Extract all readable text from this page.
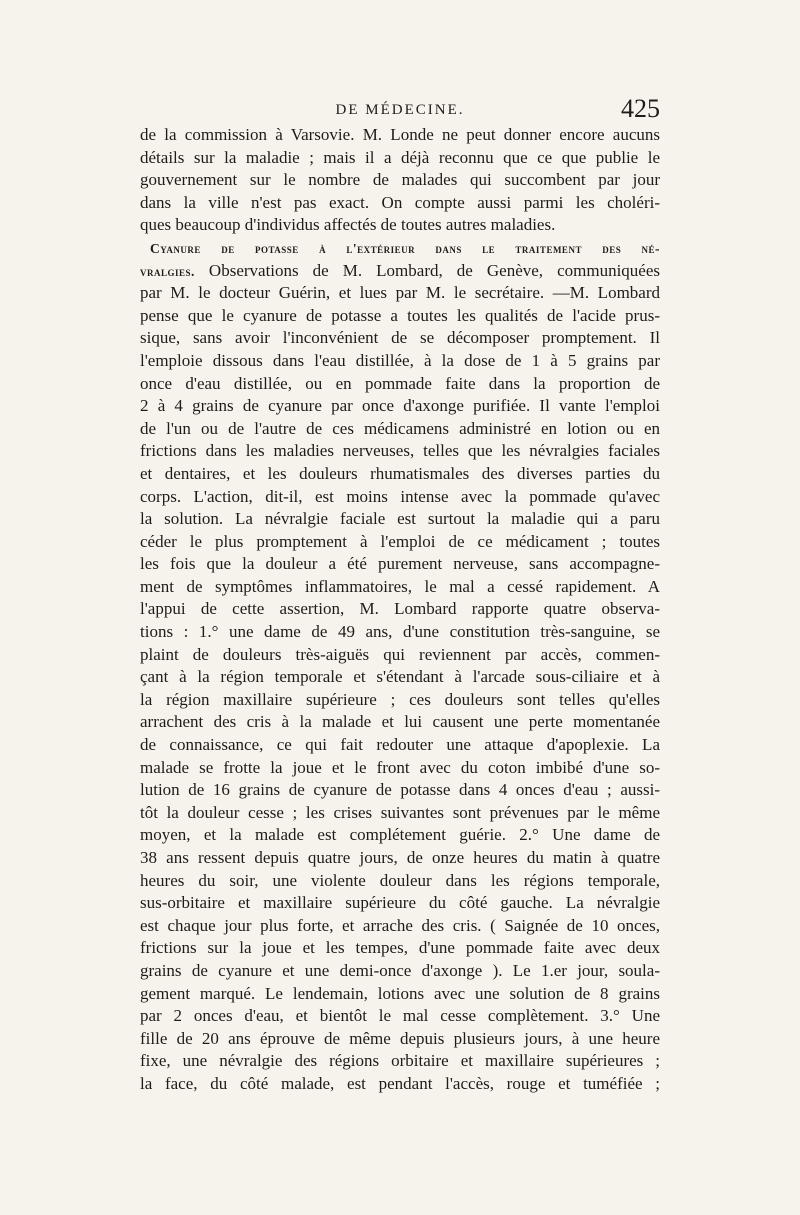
DE MÉDECINE.	425
de la commission à Varsovie. M. Londe ne peut donner encore aucuns
détails sur la maladie ; mais il a déjà reconnu que ce que publie le
gouvernement sur le nombre de malades qui succombent par jour
dans la ville n'est pas exact. On compte aussi parmi les choléri-
ques beaucoup d'individus affectés de toutes autres maladies.
Cyanure de potasse à l'extérieur dans le traitement des né-
vralgies. Observations de M. Lombard, de Genève, communiquées
par M. le docteur Guérin, et lues par M. le secrétaire. —M. Lombard
pense que le cyanure de potasse a toutes les qualités de l'acide prus-
sique, sans avoir l'inconvénient de se décomposer promptement. Il
l'emploie dissous dans l'eau distillée, à la dose de 1 à 5 grains par
once d'eau distillée, ou en pommade faite dans la proportion de
2 à 4 grains de cyanure par once d'axonge purifiée. Il vante l'emploi
de l'un ou de l'autre de ces médicamens administré en lotion ou en
frictions dans les maladies nerveuses, telles que les névralgies faciales
et dentaires, et les douleurs rhumatismales des diverses parties du
corps. L'action, dit-il, est moins intense avec la pommade qu'avec
la solution. La névralgie faciale est surtout la maladie qui a paru
céder le plus promptement à l'emploi de ce médicament ; toutes
les fois que la douleur a été purement nerveuse, sans accompagne-
ment de symptômes inflammatoires, le mal a cessé rapidement. A
l'appui de cette assertion, M. Lombard rapporte quatre observa-
tions : 1.° une dame de 49 ans, d'une constitution très-sanguine, se
plaint de douleurs très-aiguës qui reviennent par accès, commen-
çant à la région temporale et s'étendant à l'arcade sous-ciliaire et à
la région maxillaire supérieure ; ces douleurs sont telles qu'elles
arrachent des cris à la malade et lui causent une perte momentanée
de connaissance, ce qui fait redouter une attaque d'apoplexie. La
malade se frotte la joue et le front avec du coton imbibé d'une so-
lution de 16 grains de cyanure de potasse dans 4 onces d'eau ; aussi-
tôt la douleur cesse ; les crises suivantes sont prévenues par le même
moyen, et la malade est complétement guérie. 2.° Une dame de
38 ans ressent depuis quatre jours, de onze heures du matin à quatre
heures du soir, une violente douleur dans les régions temporale,
sus-orbitaire et maxillaire supérieure du côté gauche. La névralgie
est chaque jour plus forte, et arrache des cris. ( Saignée de 10 onces,
frictions sur la joue et les tempes, d'une pommade faite avec deux
grains de cyanure et une demi-once d'axonge ). Le 1.er jour, soula-
gement marqué. Le lendemain, lotions avec une solution de 8 grains
par 2 onces d'eau, et bientôt le mal cesse complètement. 3.° Une
fille de 20 ans éprouve de même depuis plusieurs jours, à une heure
fixe, une névralgie des régions orbitaire et maxillaire supérieures ;
la face, du côté malade, est pendant l'accès, rouge et tuméfiée ;
